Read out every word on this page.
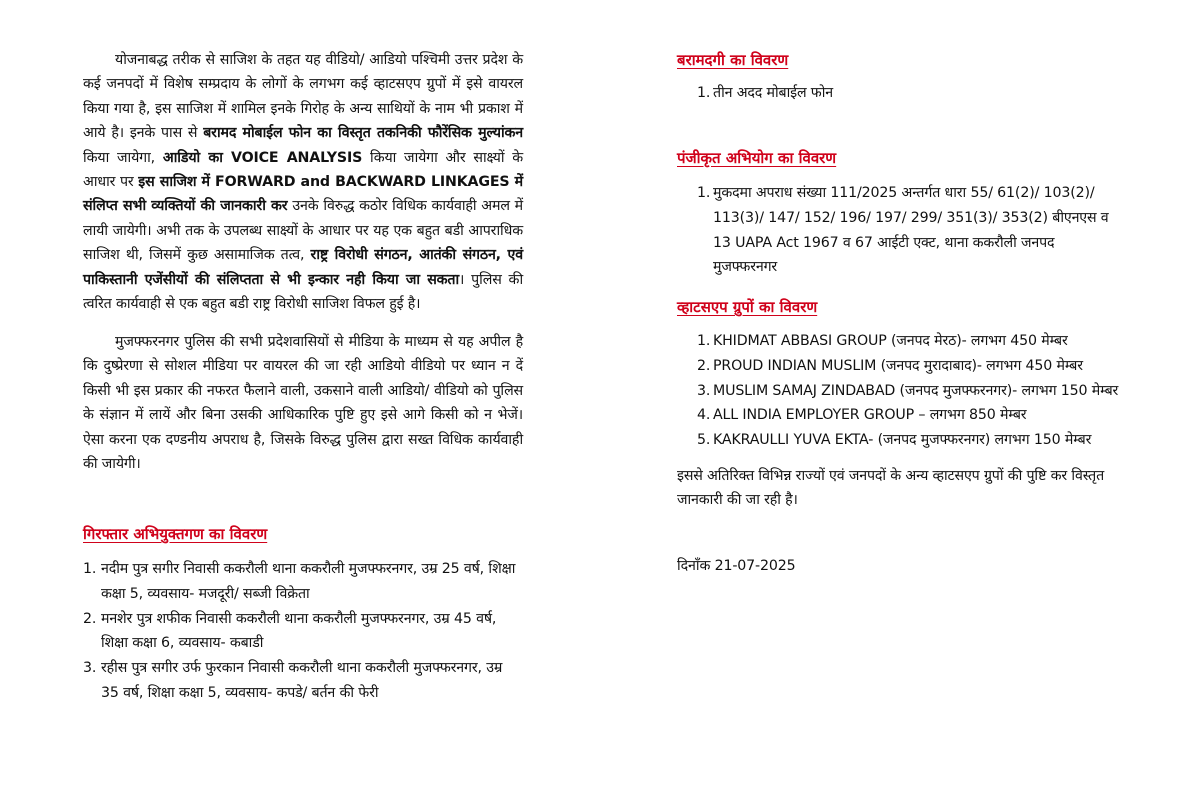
योजनाबद्ध तरीक से साजिश के तहत यह वीडियो/ आडियो पश्चिमी उत्तर प्रदेश के कई जनपदों में विशेष सम्प्रदाय के लोगों के लगभग कई व्हाटसएप ग्रुपों में इसे वायरल किया गया है, इस साजिश में शामिल इनके गिरोह के अन्य साथियों के नाम भी प्रकाश में आये है। इनके पास से बरामद मोबाईल फोन का विस्तृत तकनिकी फौरेंसिक मुल्यांकन किया जायेगा, आडियो का VOICE ANALYSIS किया जायेगा और साक्ष्यों के आधार पर इस साजिश में FORWARD and BACKWARD LINKAGES में संलिप्त सभी व्यक्तियों की जानकारी कर उनके विरुद्ध कठोर विधिक कार्यवाही अमल में लायी जायेगी। अभी तक के उपलब्ध साक्ष्यों के आधार पर यह एक बहुत बडी आपराधिक साजिश थी, जिसमें कुछ असामाजिक तत्व, राष्ट्र विरोधी संगठन, आतंकी संगठन, एवं पाकिस्तानी एजेंसीयों की संलिप्तता से भी इन्कार नही किया जा सकता। पुलिस की त्वरित कार्यवाही से एक बहुत बडी राष्ट्र विरोधी साजिश विफल हुई है।

मुजफ्फरनगर पुलिस की सभी प्रदेशवासियों से मीडिया के माध्यम से यह अपील है कि दुष्प्रेरणा से सोशल मीडिया पर वायरल की जा रही आडियो वीडियो पर ध्यान न दें किसी भी इस प्रकार की नफरत फैलाने वाली, उकसाने वाली आडियो/ वीडियो को पुलिस के संज्ञान में लायें और बिना उसकी आधिकारिक पुष्टि हुए इसे आगे किसी को न भेजें। ऐसा करना एक दण्डनीय अपराध है, जिसके विरुद्ध पुलिस द्वारा सख्त विधिक कार्यवाही की जायेगी।

गिरफ्तार अभियुक्तगण का विवरण
1. नदीम पुत्र सगीर निवासी ककरौली थाना ककरौली मुजफ्फरनगर, उम्र 25 वर्ष, शिक्षा कक्षा 5, व्यवसाय- मजदूरी/ सब्जी विक्रेता
2. मनशेर पुत्र शफीक निवासी ककरौली थाना ककरौली मुजफ्फरनगर, उम्र 45 वर्ष, शिक्षा कक्षा 6, व्यवसाय- कबाडी
3. रहीस पुत्र सगीर उर्फ फुरकान निवासी ककरौली थाना ककरौली मुजफ्फरनगर, उम्र 35 वर्ष, शिक्षा कक्षा 5, व्यवसाय- कपडे/ बर्तन की फेरी
बरामदगी का विवरण
1. तीन अदद मोबाईल फोन
पंजीकृत अभियोग का विवरण
1. मुकदमा अपराध संख्या 111/2025 अन्तर्गत धारा 55/ 61(2)/ 103(2)/ 113(3)/ 147/ 152/ 196/ 197/ 299/ 351(3)/ 353(2) बीएनएस व 13 UAPA Act 1967 व 67 आईटी एक्ट, थाना ककरौली जनपद मुजफ्फरनगर
व्हाटसएप ग्रुपों का विवरण
1. KHIDMAT ABBASI GROUP (जनपद मेरठ)- लगभग 450 मेम्बर
2. PROUD INDIAN MUSLIM (जनपद मुरादाबाद)- लगभग 450 मेम्बर
3. MUSLIM SAMAJ ZINDABAD (जनपद मुजफ्फरनगर)- लगभग 150 मेम्बर
4. ALL INDIA EMPLOYER GROUP – लगभग 850 मेम्बर
5. KAKRAULLI YUVA EKTA- (जनपद मुजफ्फरनगर) लगभग 150 मेम्बर

इससे अतिरिक्त विभिन्न राज्यों एवं जनपदों के अन्य व्हाटसएप ग्रुपों की पुष्टि कर विस्तृत जानकारी की जा रही है।

दिनाँक 21-07-2025
